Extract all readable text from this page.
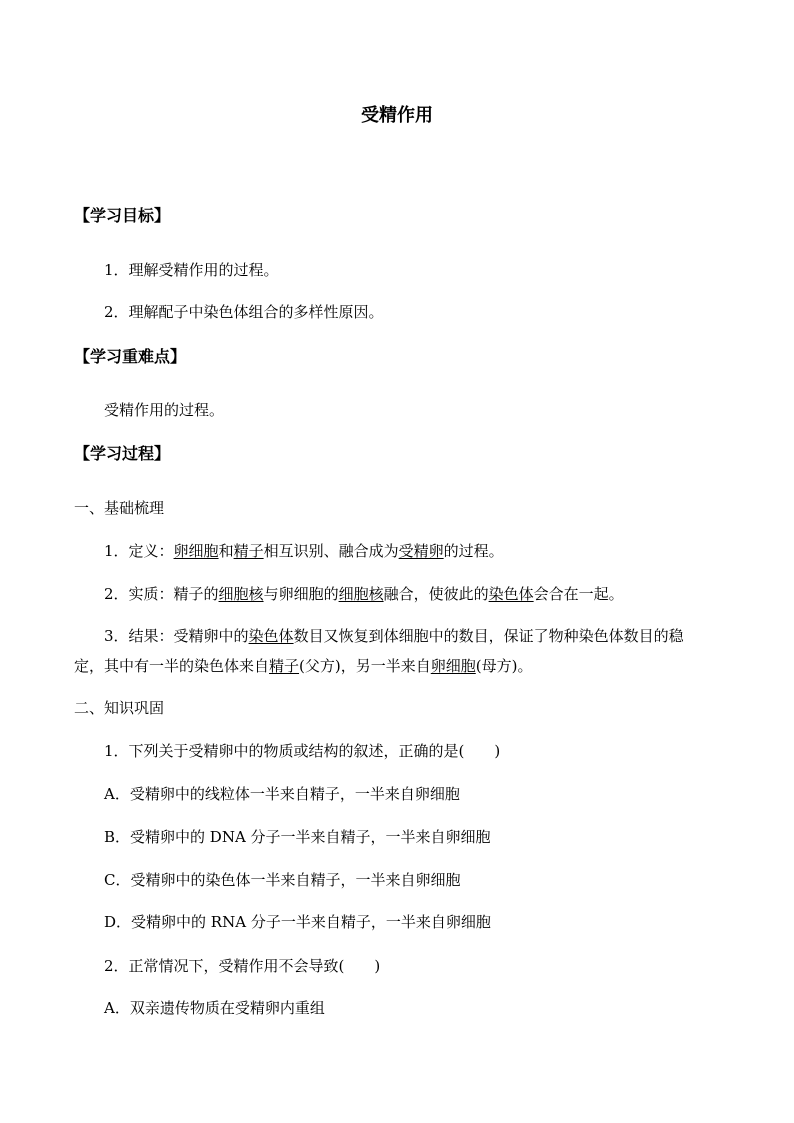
受精作用
【学习目标】
1．理解受精作用的过程。
2．理解配子中染色体组合的多样性原因。
【学习重难点】
受精作用的过程。
【学习过程】
一、基础梳理
1．定义：卵细胞和精子相互识别、融合成为受精卵的过程。
2．实质：精子的细胞核与卵细胞的细胞核融合，使彼此的染色体会合在一起。
3．结果：受精卵中的染色体数目又恢复到体细胞中的数目，保证了物种染色体数目的稳
定，其中有一半的染色体来自精子(父方)，另一半来自卵细胞(母方)。
二、知识巩固
1．下列关于受精卵中的物质或结构的叙述，正确的是(　　)
A．受精卵中的线粒体一半来自精子，一半来自卵细胞
B．受精卵中的 DNA 分子一半来自精子，一半来自卵细胞
C．受精卵中的染色体一半来自精子，一半来自卵细胞
D．受精卵中的 RNA 分子一半来自精子，一半来自卵细胞
2．正常情况下，受精作用不会导致(　　)
A．双亲遗传物质在受精卵内重组
